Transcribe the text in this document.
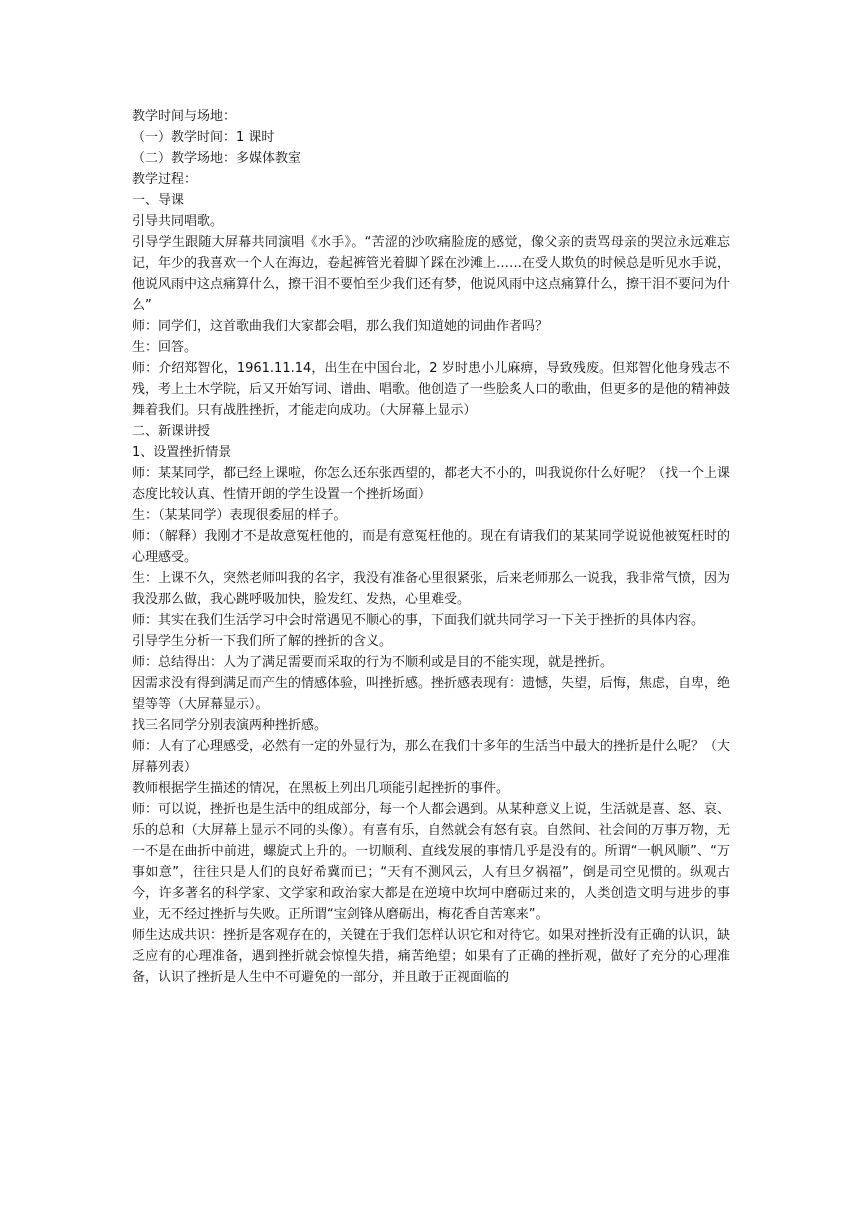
教学时间与场地：

（一）教学时间：1 课时

（二）教学场地：多媒体教室

教学过程：

一、导课

引导共同唱歌。

引导学生跟随大屏幕共同演唱《水手》。“苦涩的沙吹痛脸庞的感觉，像父亲的责骂母亲的哭泣永远难忘记，年少的我喜欢一个人在海边，卷起裤管光着脚丫踩在沙滩上……在受人欺负的时候总是听见水手说，他说风雨中这点痛算什么，擦干泪不要怕至少我们还有梦，他说风雨中这点痛算什么，擦干泪不要问为什么”

师：同学们，这首歌曲我们大家都会唱，那么我们知道她的词曲作者吗？

生：回答。

师：介绍郑智化，1961.11.14，出生在中国台北，2 岁时患小儿麻痹，导致残废。但郑智化他身残志不残，考上土木学院，后又开始写词、谱曲、唱歌。他创造了一些脍炙人口的歌曲，但更多的是他的精神鼓舞着我们。只有战胜挫折，才能走向成功。（大屏幕上显示）

二、新课讲授

1、设置挫折情景

师：某某同学，都已经上课啦，你怎么还东张西望的，都老大不小的，叫我说你什么好呢？（找一个上课态度比较认真、性情开朗的学生设置一个挫折场面）

生：（某某同学）表现很委屈的样子。

师：（解释）我刚才不是故意冤枉他的，而是有意冤枉他的。现在有请我们的某某同学说说他被冤枉时的心理感受。

生：上课不久，突然老师叫我的名字，我没有准备心里很紧张，后来老师那么一说我，我非常气愤，因为我没那么做，我心跳呼吸加快，脸发红、发热，心里难受。

师：其实在我们生活学习中会时常遇见不顺心的事，下面我们就共同学习一下关于挫折的具体内容。

引导学生分析一下我们所了解的挫折的含义。

师：总结得出：人为了满足需要而采取的行为不顺利或是目的不能实现，就是挫折。

因需求没有得到满足而产生的情感体验，叫挫折感。挫折感表现有：遗憾，失望，后悔，焦虑，自卑，绝望等等（大屏幕显示）。

找三名同学分别表演两种挫折感。

师：人有了心理感受，必然有一定的外显行为，那么在我们十多年的生活当中最大的挫折是什么呢？（大屏幕列表）

教师根据学生描述的情况，在黑板上列出几项能引起挫折的事件。

师：可以说，挫折也是生活中的组成部分，每一个人都会遇到。从某种意义上说，生活就是喜、怒、哀、乐的总和（大屏幕上显示不同的头像）。有喜有乐，自然就会有怒有哀。自然间、社会间的万事万物，无一不是在曲折中前进，螺旋式上升的。一切顺利、直线发展的事情几乎是没有的。所谓“一帆风顺”、“万事如意”，往往只是人们的良好希冀而已；“天有不测风云，人有旦夕祸福”，倒是司空见惯的。纵观古今，许多著名的科学家、文学家和政治家大都是在逆境中坎坷中磨砺过来的，人类创造文明与进步的事业，无不经过挫折与失败。正所谓“宝剑锋从磨砺出，梅花香自苦寒来”。

师生达成共识：挫折是客观存在的，关键在于我们怎样认识它和对待它。如果对挫折没有正确的认识，缺乏应有的心理准备，遇到挫折就会惊惶失措，痛苦绝望；如果有了正确的挫折观，做好了充分的心理准备，认识了挫折是人生中不可避免的一部分，并且敢于正视面临的
